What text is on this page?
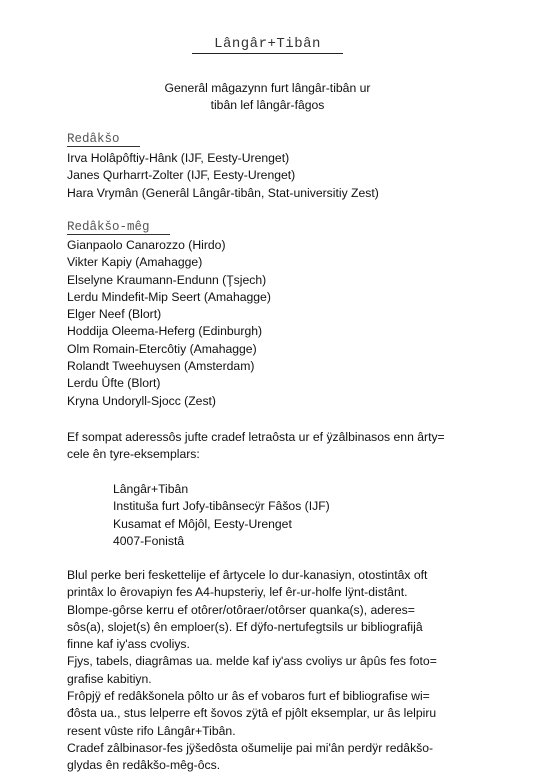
Lângâr+Tibân
Generâl mâgazynn furt lângâr-tibân ur
tibân lef lângâr-fâgos
Redâkšo
Irva Holâpôftiy-Hânk (IJF, Eesty-Urenget)
Janes Qurharrt-Zolter (IJF, Eesty-Urenget)
Hara Vrymân (Generâl Lângâr-tibân, Stat-universitiy Zest)
Redâkšo-mêg
Gianpaolo Canarozzo (Hirdo)
Vikter Kapiy (Amahagge)
Elselyne Kraumann-Endunn (Ţsjech)
Lerdu Mindefit-Mip Seert (Amahagge)
Elger Neef (Blort)
Hoddija Oleema-Heferg (Edinburgh)
Olm Romain-Etercôtiy (Amahagge)
Rolandt Tweehuysen (Amsterdam)
Lerdu Ûfte (Blort)
Kryna Undoryll-Sjocc (Zest)
Ef sompat aderessôs jufte cradef letraôsta ur ef ÿzâlbinasos enn ârty=
cele ên tyre-eksemplars:
Lângâr+Tibân
Instituša furt Jofy-tibânsecÿr Fâšos (IJF)
Kusamat ef Môjôl, Eesty-Urenget
4007-Fonistâ
Blul perke beri feskettelije ef ârtycele lo dur-kanasiyn, otostintâx oft
printâx lo êrovapiyn fes A4-hupsteriy, lef êr-ur-holfe lÿnt-distânt.
Blompe-gôrse kerru ef otôrer/otôraer/otôrser quanka(s), aderes=
sôs(a), slojet(s) ên emploer(s). Ef dÿfo-nertufegtsils ur bibliografijâ
finne kaf iy'ass cvoliys.
Fjys, tabels, diagrâmas ua. melde kaf iy'ass cvoliys ur âpûs fes foto=
grafise kabitiyn.
Frôpjÿ ef redâkšonela pôlto ur âs ef vobaros furt ef bibliografise wi=
đôsta ua., stus lelperre eft šovos zÿtâ ef pjôlt eksemplar, ur âs lelpiru
resent vûste rifo Lângâr+Tibân.
Cradef zâlbinasor-fes jÿšedôsta ošumelije pai mi'ân perdÿr redâkšo-
glydas ên redâkšo-mêg-ôcs.
